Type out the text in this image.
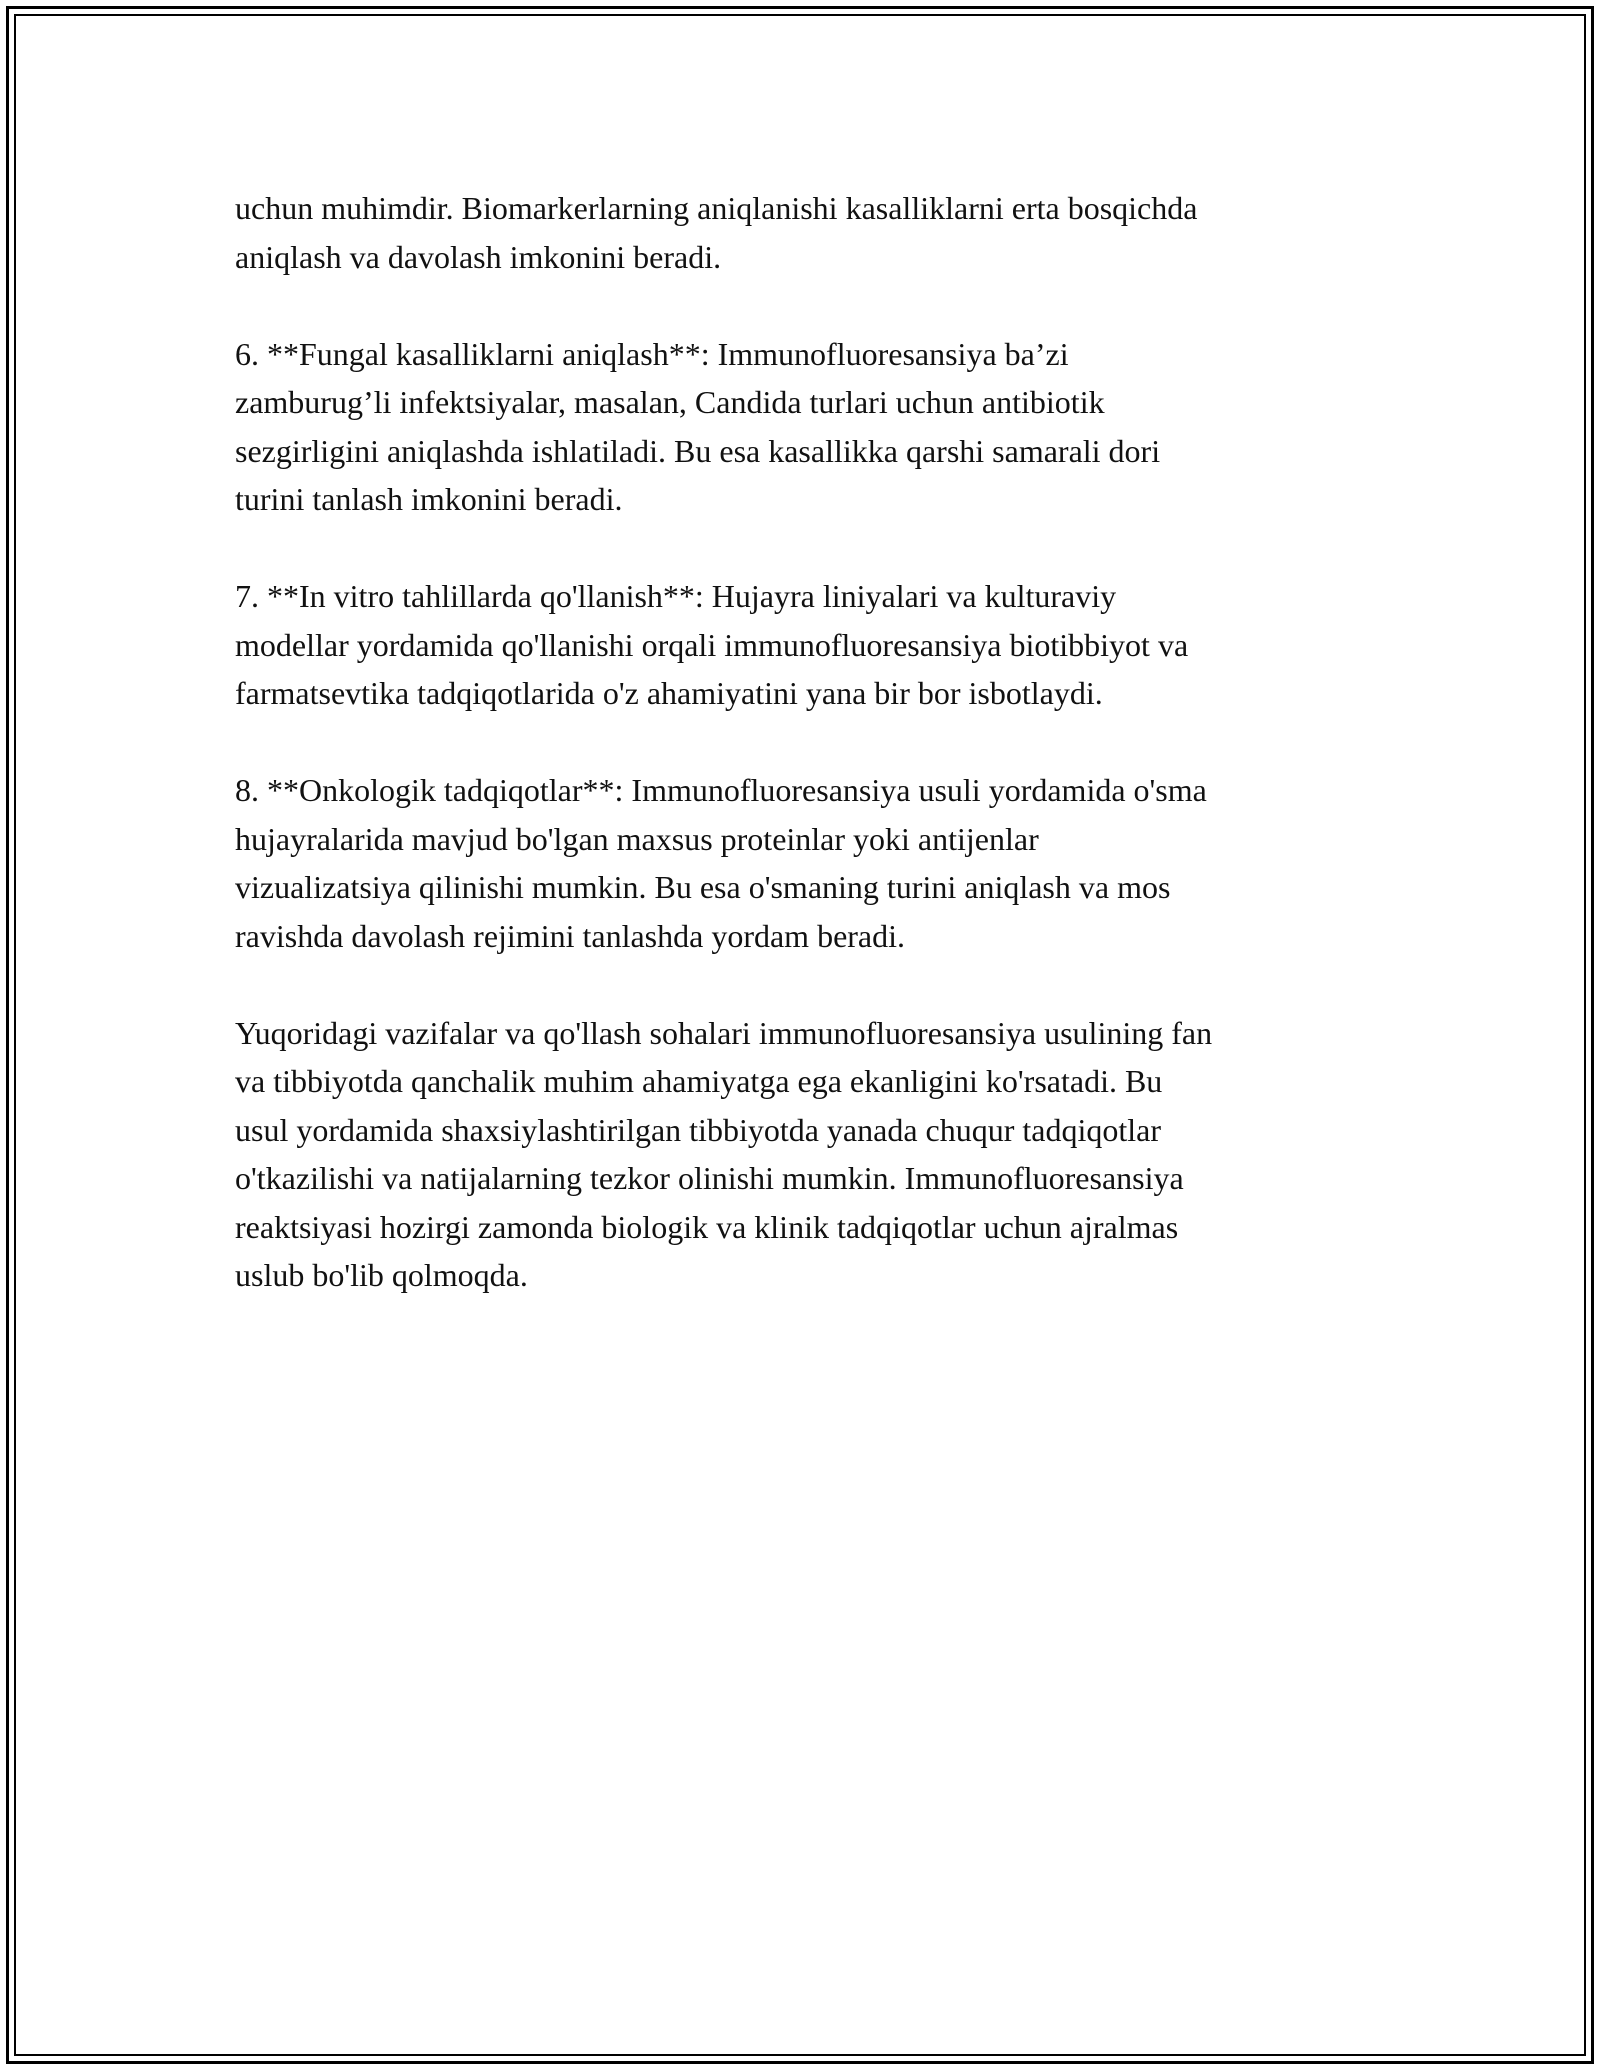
uchun muhimdir. Biomarkerlarning aniqlanishi kasalliklarni erta bosqichda
aniqlash va davolash imkonini beradi.

6. **Fungal kasalliklarni aniqlash**: Immunofluoresansiya ba’zi
zamburug’li infektsiyalar, masalan, Candida turlari uchun antibiotik
sezgirligini aniqlashda ishlatiladi. Bu esa kasallikka qarshi samarali dori
turini tanlash imkonini beradi.

7. **In vitro tahlillarda qo'llanish**: Hujayra liniyalari va kulturaviy
modellar yordamida qo'llanishi orqali immunofluoresansiya biotibbiyot va
farmatsevtika tadqiqotlarida o'z ahamiyatini yana bir bor isbotlaydi.

8. **Onkologik tadqiqotlar**: Immunofluoresansiya usuli yordamida o'sma
hujayralarida mavjud bo'lgan maxsus proteinlar yoki antijenlar
vizualizatsiya qilinishi mumkin. Bu esa o'smaning turini aniqlash va mos
ravishda davolash rejimini tanlashda yordam beradi.

Yuqoridagi vazifalar va qo'llash sohalari immunofluoresansiya usulining fan
va tibbiyotda qanchalik muhim ahamiyatga ega ekanligini ko'rsatadi. Bu
usul yordamida shaxsiylashtirilgan tibbiyotda yanada chuqur tadqiqotlar
o'tkazilishi va natijalarning tezkor olinishi mumkin. Immunofluoresansiya
reaktsiyasi hozirgi zamonda biologik va klinik tadqiqotlar uchun ajralmas
uslub bo'lib qolmoqda.
